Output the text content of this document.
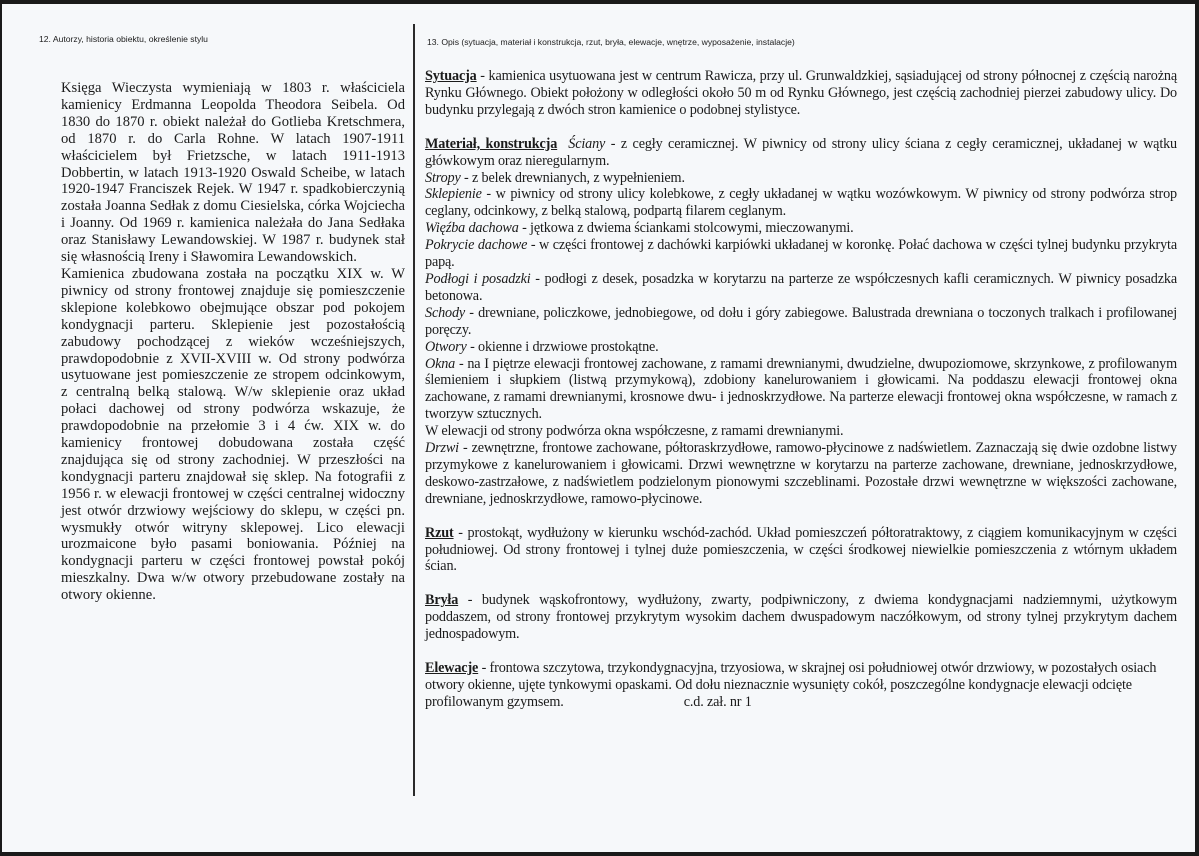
12. Autorzy, historia obiektu, określenie stylu	13. Opis (sytuacja, materiał i konstrukcja, rzut, bryła, elewacje, wnętrze, wyposażenie, instalacje)

Księga Wieczysta wymieniają w 1803 r. właściciela kamienicy Erdmanna Leopolda Theodora Seibela. Od 1830 do 1870 r. obiekt należał do Gotlieba Kretschmera, od 1870 r. do Carla Rohne. W latach 1907-1911 właścicielem był Frietzsche, w latach 1911-1913 Dobbertin, w latach 1913-1920 Oswald Scheibe, w latach 1920-1947 Franciszek Rejek. W 1947 r. spadkobierczynią została Joanna Sedłak z domu Ciesielska, córka Wojciecha i Joanny. Od 1969 r. kamienica należała do Jana Sedłaka oraz Stanisławy Lewandowskiej. W 1987 r. budynek stał się własnością Ireny i Sławomira Lewandowskich.

Kamienica zbudowana została na początku XIX w. W piwnicy od strony frontowej znajduje się pomieszczenie sklepione kolebkowo obejmujące obszar pod pokojem kondygnacji parteru. Sklepienie jest pozostałością zabudowy pochodzącej z wieków wcześniejszych, prawdopodobnie z XVII-XVIII w. Od strony podwórza usytuowane jest pomieszczenie ze stropem odcinkowym, z centralną belką stalową. W/w sklepienie oraz układ połaci dachowej od strony podwórza wskazuje, że prawdopodobnie na przełomie 3 i 4 ćw. XIX w. do kamienicy frontowej dobudowana została część znajdująca się od strony zachodniej. W przeszłości na kondygnacji parteru znajdował się sklep. Na fotografii z 1956 r. w elewacji frontowej w części centralnej widoczny jest otwór drzwiowy wejściowy do sklepu, w części pn. wysmukły otwór witryny sklepowej. Lico elewacji urozmaicone było pasami boniowania. Później na kondygnacji parteru w części frontowej powstał pokój mieszkalny. Dwa w/w otwory przebudowane zostały na otwory okienne.

Sytuacja - kamienica usytuowana jest w centrum Rawicza, przy ul. Grunwaldzkiej, sąsiadującej od strony północnej z częścią narożną Rynku Głównego. Obiekt położony w odległości około 50 m od Rynku Głównego, jest częścią zachodniej pierzei zabudowy ulicy. Do budynku przylegają z dwóch stron kamienice o podobnej stylistyce.

Materiał, konstrukcja Ściany - z cegły ceramicznej. W piwnicy od strony ulicy ściana z cegły ceramicznej, układanej w wątku główkowym oraz nieregularnym.

Stropy - z belek drewnianych, z wypełnieniem.

Sklepienie - w piwnicy od strony ulicy kolebkowe, z cegły układanej w wątku wozówkowym. W piwnicy od strony podwórza strop ceglany, odcinkowy, z belką stalową, podpartą filarem ceglanym.

Więźba dachowa - jętkowa z dwiema ściankami stolcowymi, mieczowanymi.

Pokrycie dachowe - w części frontowej z dachówki karpiówki układanej w koronkę. Połać dachowa w części tylnej budynku przykryta papą.

Podłogi i posadzki - podłogi z desek, posadzka w korytarzu na parterze ze współczesnych kafli ceramicznych. W piwnicy posadzka betonowa.

Schody - drewniane, policzkowe, jednobiegowe, od dołu i góry zabiegowe. Balustrada drewniana o toczonych tralkach i profilowanej poręczy.

Otwory - okienne i drzwiowe prostokątne.

Okna - na I piętrze elewacji frontowej zachowane, z ramami drewnianymi, dwudzielne, dwupoziomowe, skrzynkowe, z profilowanym ślemieniem i słupkiem (listwą przymykową), zdobiony kanelurowaniem i głowicami. Na poddaszu elewacji frontowej okna zachowane, z ramami drewnianymi, krosnowe dwu- i jednoskrzydłowe. Na parterze elewacji frontowej okna współczesne, w ramach z tworzyw sztucznych.

W elewacji od strony podwórza okna współczesne, z ramami drewnianymi.

Drzwi - zewnętrzne, frontowe zachowane, półtoraskrzydłowe, ramowo-płycinowe z nadświetlem. Zaznaczają się dwie ozdobne listwy przymykowe z kanelurowaniem i głowicami. Drzwi wewnętrzne w korytarzu na parterze zachowane, drewniane, jednoskrzydłowe, deskowo-zastrzałowe, z nadświetlem podzielonym pionowymi szczeblinami. Pozostałe drzwi wewnętrzne w większości zachowane, drewniane, jednoskrzydłowe, ramowo-płycinowe.

Rzut - prostokąt, wydłużony w kierunku wschód-zachód. Układ pomieszczeń półtoratraktowy, z ciągiem komunikacyjnym w części południowej. Od strony frontowej i tylnej duże pomieszczenia, w części środkowej niewielkie pomieszczenia z wtórnym układem ścian.

Bryła - budynek wąskofrontowy, wydłużony, zwarty, podpiwniczony, z dwiema kondygnacjami nadziemnymi, użytkowym poddaszem, od strony frontowej przykrytym wysokim dachem dwuspadowym naczółkowym, od strony tylnej przykrytym dachem jednospadowym.

Elewacje - frontowa szczytowa, trzykondygnacyjna, trzyosiowa, w skrajnej osi południowej otwór drzwiowy, w pozostałych osiach otwory okienne, ujęte tynkowymi opaskami. Od dołu nieznacznie wysunięty cokół, poszczególne kondygnacje elewacji odcięte profilowanym gzymsem.	c.d. zał. nr 1
